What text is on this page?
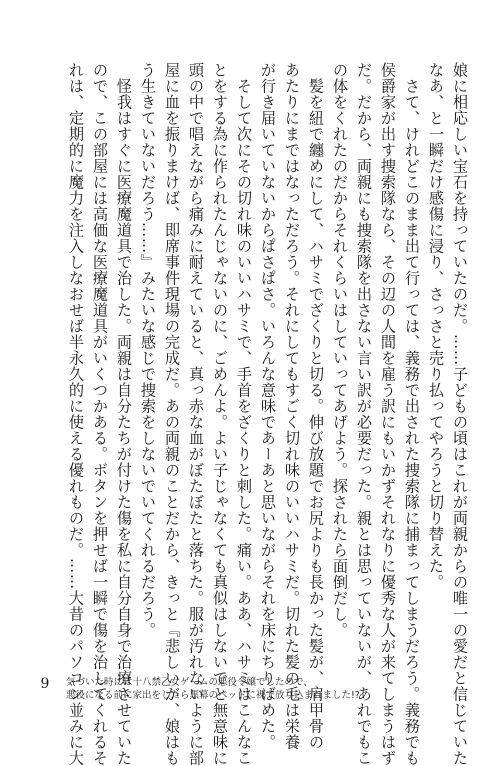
娘に相応しい宝石を持っていたのだ。……子どもの頃はこれが両親からの唯一の愛だと信じていた
なあ、と一瞬だけ感傷に浸り、さっさと売り払ってやろうと切り替えた。
　さて、けれどこのまま出て行っては、義務で出された捜索隊に捕まってしまうだろう。義務でも
侯爵家が出す捜索隊なら、その辺の人間を雇う訳にもいかずそれなりに優秀な人が来てしまうはず
だ。だから、両親にも捜索隊を出さない言い訳が必要だった。親とは思っていないが、あれでもこ
の体をくれたのだからそれくらいはしていってあげよう。探されたら面倒だし。
　髪を紐で纏めにして、ハサミでざくりと切る。伸び放題でお尻よりも長かった髪が、肩甲骨の
あたりにまではなっただろう。それにしてもすごく切れ味のいいハサミだ。切れた髪の毛は栄養
が行き届いていないからぱさぱさ。いろんな意味であーあと思いながらそれを床にちりばめた。
　そして次にその切れ味のいいハサミで、手首をざくりと刺した。痛い。ああ、ハサミはこんなこ
とをする為に作られたんじゃないのに、ごめんよ。よい子じゃなくても真似はしないでと無意味に
頭の中で唱えながら痛みに耐えていると、真っ赤な血がぼたぼたと落ちた。服が汚れないように部
屋に血を振りまけば、即席事件現場の完成だ。あの両親のことだから、きっと『悲しいが、娘はも
う生きていないだろう……』みたいな感じで捜索をしないでいてくれるだろう。
　怪我はすぐに医療魔道具で治した。両親は自分たちが付けた傷を私に自分自身で治療させていた
ので、この部屋には高価な医療魔道具がいくつかある。ボタンを押せば一瞬で傷を治してくれるそ
れは、定期的に魔力を注入しなおせば半永久的に使える優れものだ。……大昔のパソコン並みに大
9	気づいた時には十八禁乙女ゲームの悪役令嬢でしたので、
悪役になる前に家出をしたら黒幕のベッドに裸で放り込まれました!?
